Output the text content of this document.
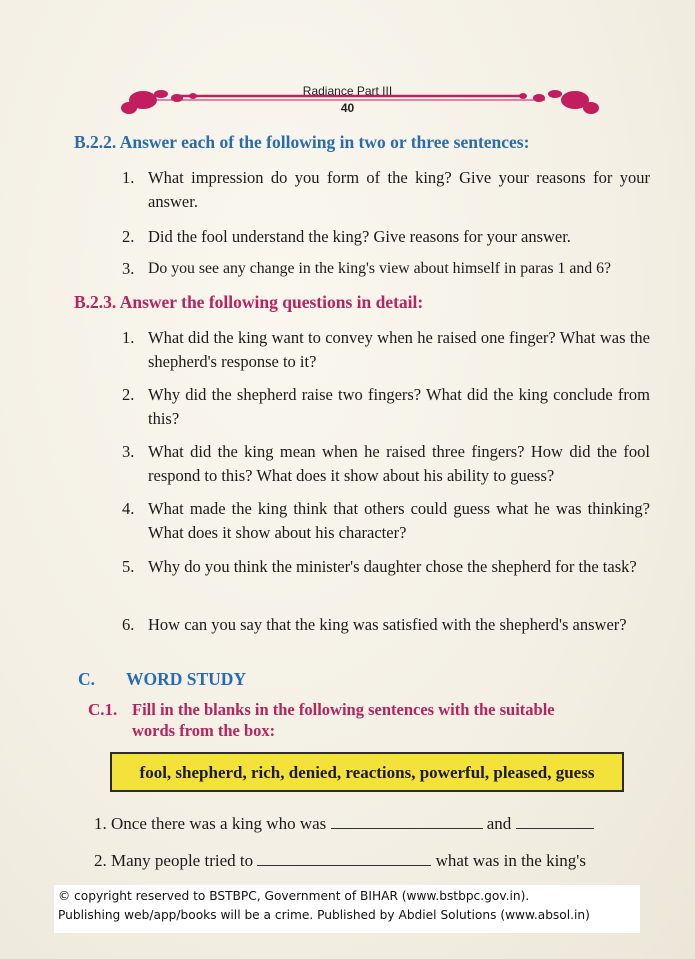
Radiance Part III
40
B.2.2. Answer each of the following in two or three sentences:
1. What impression do you form of the king? Give your reasons for your answer.
2. Did the fool understand the king? Give reasons for your answer.
3. Do you see any change in the king's view about himself in paras 1 and 6?
B.2.3. Answer the following questions in detail:
1. What did the king want to convey when he raised one finger? What was the shepherd's response to it?
2. Why did the shepherd raise two fingers? What did the king conclude from this?
3. What did the king mean when he raised three fingers? How did the fool respond to this? What does it show about his ability to guess?
4. What made the king think that others could guess what he was thinking? What does it show about his character?
5. Why do you think the minister's daughter chose the shepherd for the task?
6. How can you say that the king was satisfied with the shepherd's answer?
C. WORD STUDY
C.1. Fill in the blanks in the following sentences with the suitable
words from the box:
fool, shepherd, rich, denied, reactions, powerful, pleased, guess
1. Once there was a king who was	and
2. Many people tried to	what was in the king's
© copyright reserved to BSTBPC, Government of BIHAR (www.bstbpc.gov.in).
Publishing web/app/books will be a crime. Published by Abdiel Solutions (www.absol.in)
